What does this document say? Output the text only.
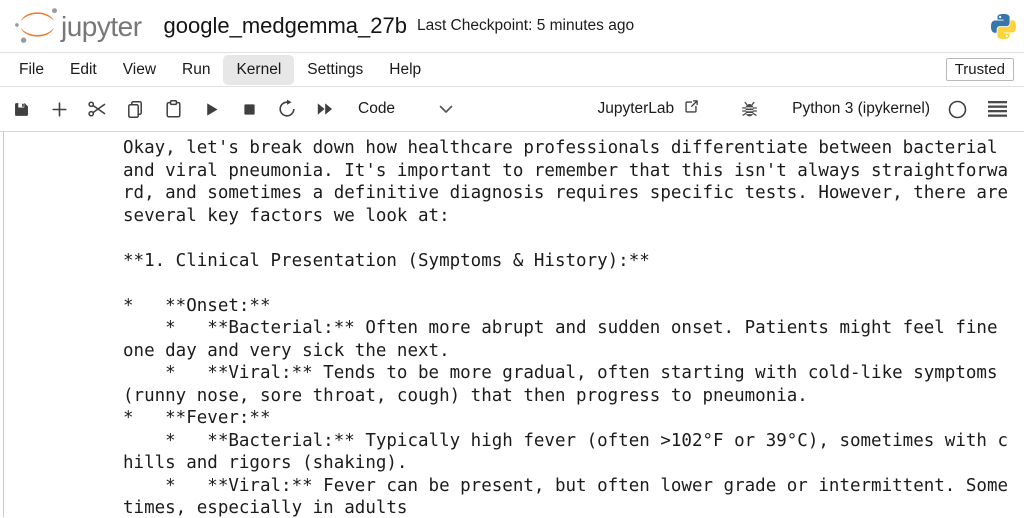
jupyter google_medgemma_27b Last Checkpoint: 5 minutes ago
File	Edit	View	Run	Kernel	Settings	Help	Trusted
Code	JupyterLab	Python 3 (ipykernel)
Okay, let's break down how healthcare professionals differentiate between bacterial
and viral pneumonia. It's important to remember that this isn't always straightforwa
rd, and sometimes a definitive diagnosis requires specific tests. However, there are
several key factors we look at:

**1. Clinical Presentation (Symptoms & History):**

*   **Onset:**
*   **Bacterial:** Often more abrupt and sudden onset. Patients might feel fine
one day and very sick the next.
*   **Viral:** Tends to be more gradual, often starting with cold-like symptoms
(runny nose, sore throat, cough) that then progress to pneumonia.
*   **Fever:**
*   **Bacterial:** Typically high fever (often >102°F or 39°C), sometimes with c
hills and rigors (shaking).
*   **Viral:** Fever can be present, but often lower grade or intermittent. Some
times, especially in adults
